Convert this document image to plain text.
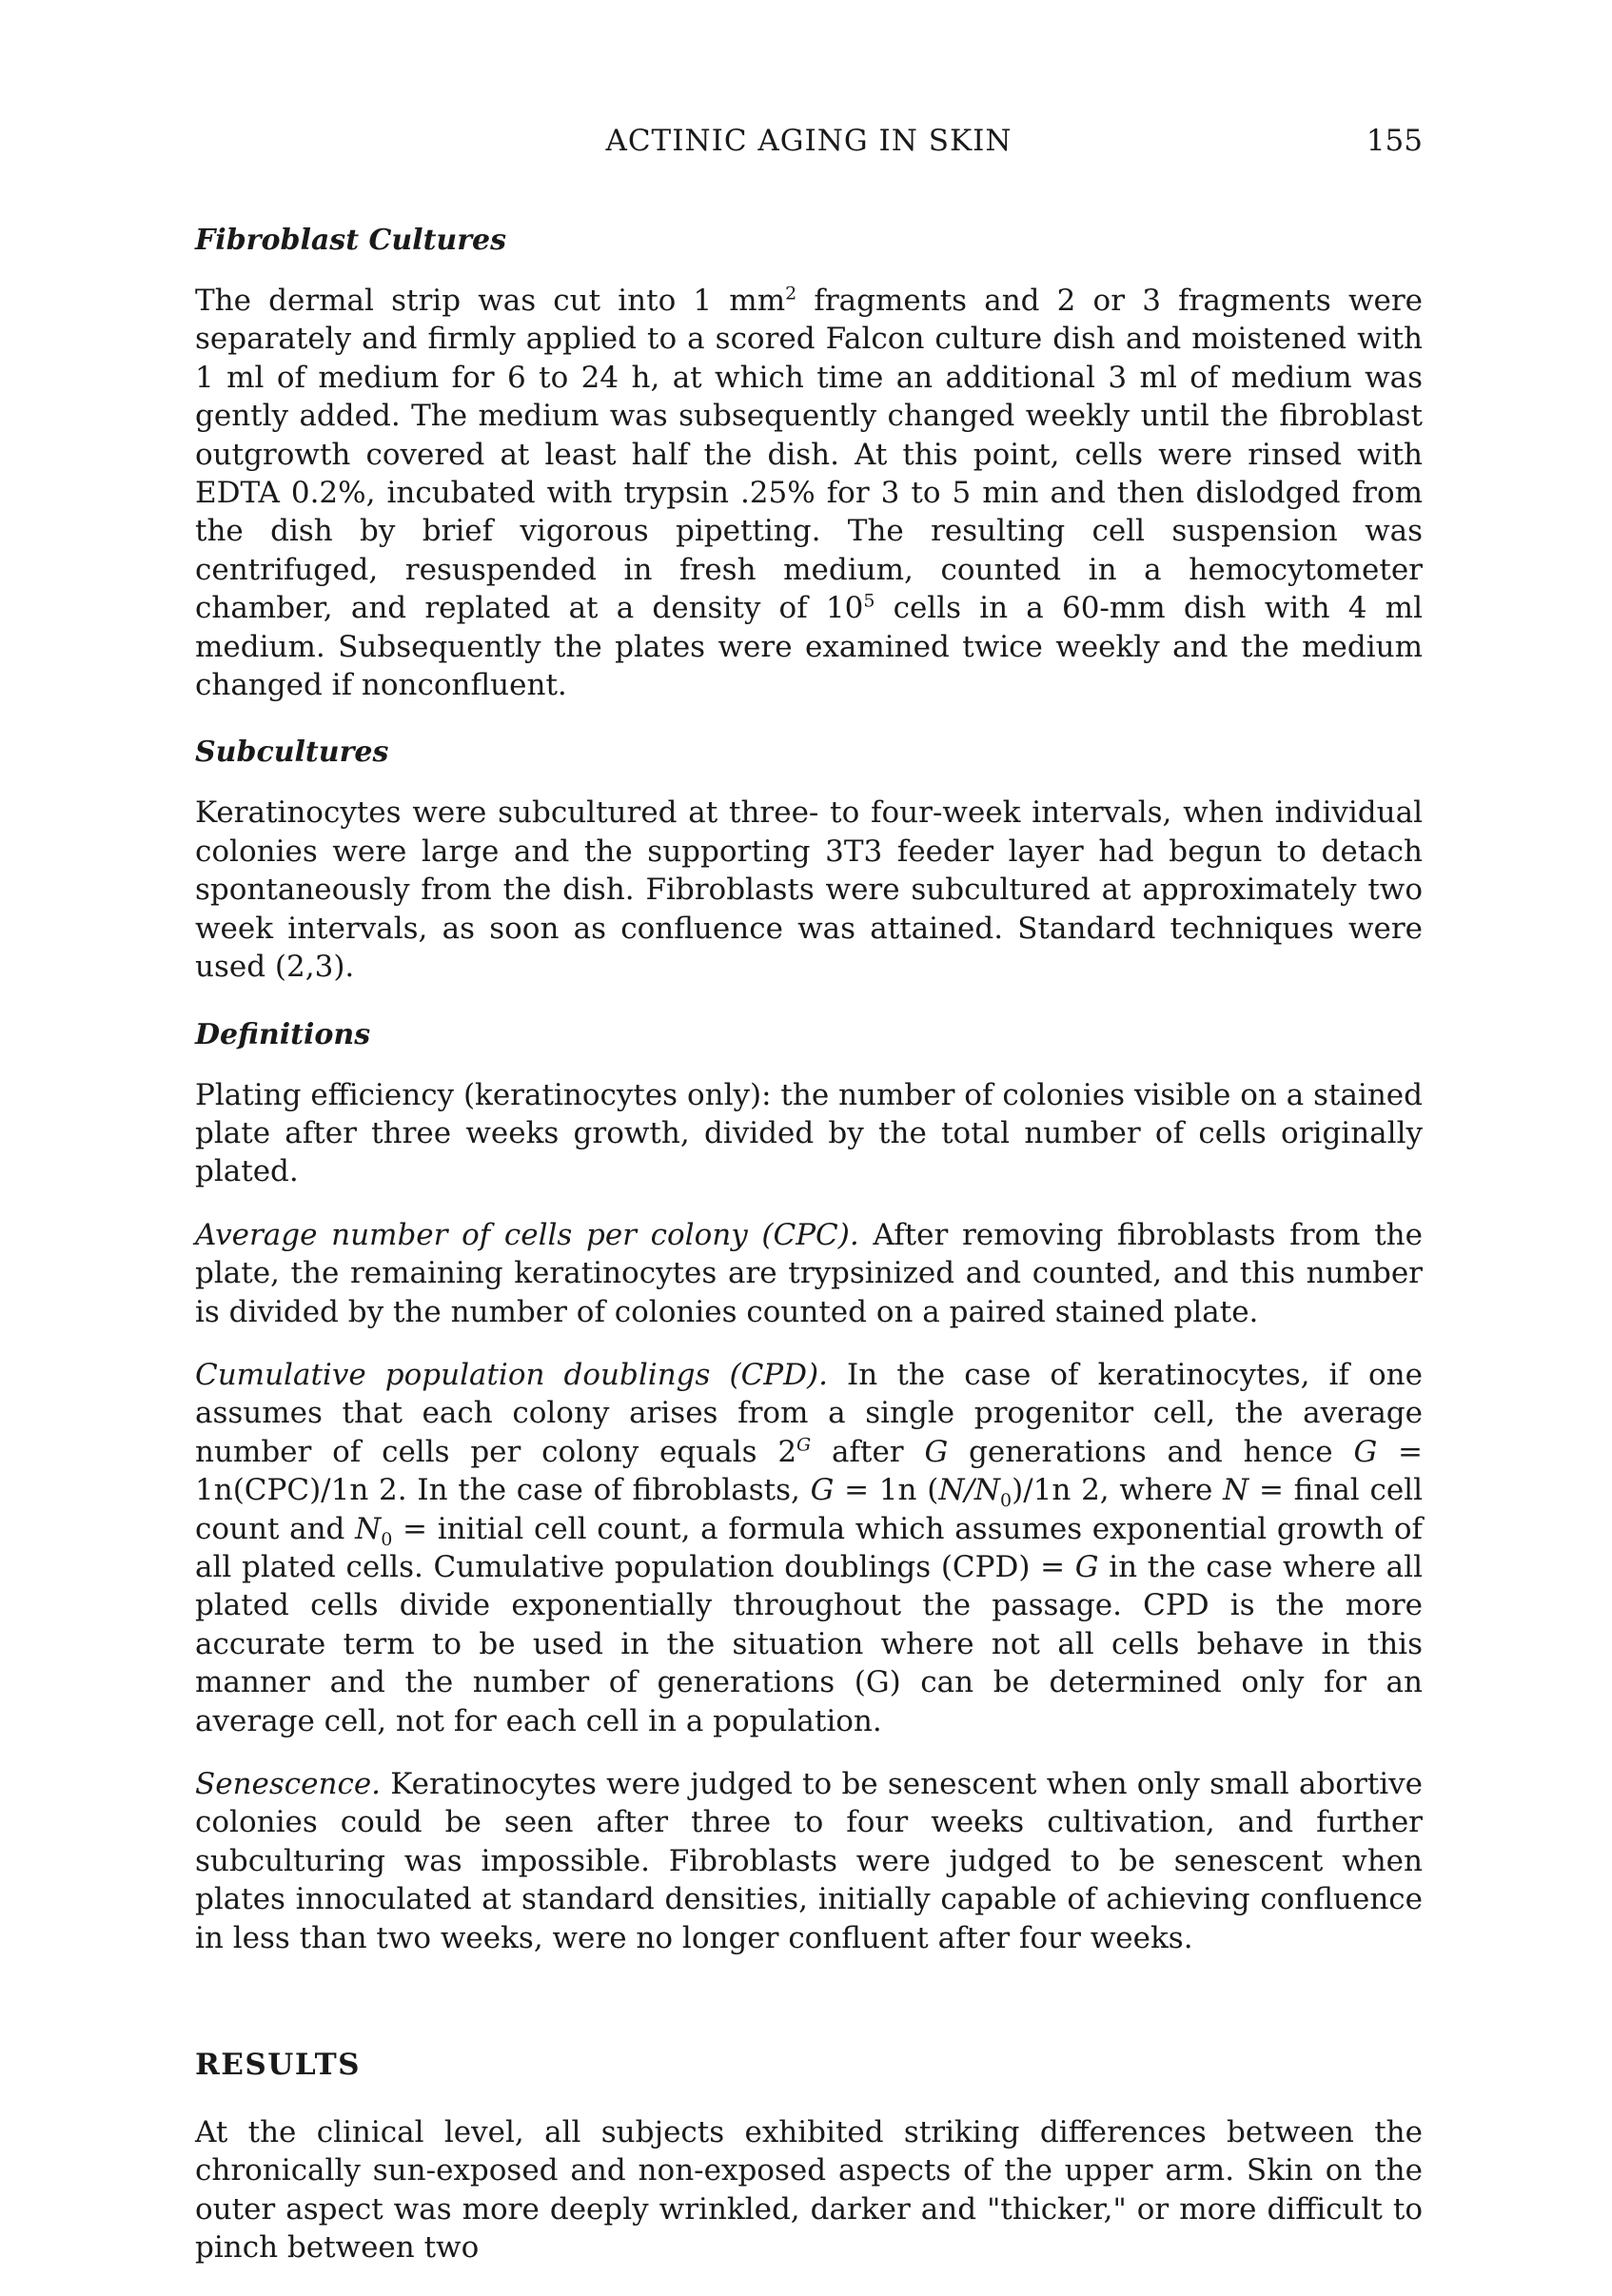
ACTINIC AGING IN SKIN	155
Fibroblast Cultures

The dermal strip was cut into 1 $mm^2$ fragments and 2 or 3 fragments were separately and firmly applied to a scored Falcon culture dish and moistened with 1 ml of medium for 6 to 24 h, at which time an additional 3 ml of medium was gently added. The medium was subsequently changed weekly until the fibroblast outgrowth covered at least half the dish. At this point, cells were rinsed with EDTA 0.2%, incubated with trypsin .25% for 3 to 5 min and then dislodged from the dish by brief vigorous pipetting. The resulting cell suspension was centrifuged, resuspended in fresh medium, counted in a hemocytometer chamber, and replated at a density of $10^5$ cells in a 60-mm dish with 4 ml medium. Subsequently the plates were examined twice weekly and the medium changed if nonconfluent.

Subcultures

Keratinocytes were subcultured at three- to four-week intervals, when individual colonies were large and the supporting 3T3 feeder layer had begun to detach spontaneously from the dish. Fibroblasts were subcultured at approximately two week intervals, as soon as confluence was attained. Standard techniques were used (2,3).

Definitions

Plating efficiency (keratinocytes only): the number of colonies visible on a stained plate after three weeks growth, divided by the total number of cells originally plated.

Average number of cells per colony (CPC). After removing fibroblasts from the plate, the remaining keratinocytes are trypsinized and counted, and this number is divided by the number of colonies counted on a paired stained plate.

Cumulative population doublings (CPD). In the case of keratinocytes, if one assumes that each colony arises from a single progenitor cell, the average number of cells per colony equals $2^G$ after G generations and hence G = 1n(CPC)/1n 2. In the case of fibroblasts, G = 1n $(N/N_0)/1n$ 2, where N = final cell count and $N_0$ = initial cell count, a formula which assumes exponential growth of all plated cells. Cumulative population doublings (CPD) = G in the case where all plated cells divide exponentially throughout the passage. CPD is the more accurate term to be used in the situation where not all cells behave in this manner and the number of generations (G) can be determined only for an average cell, not for each cell in a population.

Senescence. Keratinocytes were judged to be senescent when only small abortive colonies could be seen after three to four weeks cultivation, and further subculturing was impossible. Fibroblasts were judged to be senescent when plates innoculated at standard densities, initially capable of achieving confluence in less than two weeks, were no longer confluent after four weeks.

RESULTS

At the clinical level, all subjects exhibited striking differences between the chronically sun-exposed and non-exposed aspects of the upper arm. Skin on the outer aspect was more deeply wrinkled, darker and "thicker," or more difficult to pinch between two
